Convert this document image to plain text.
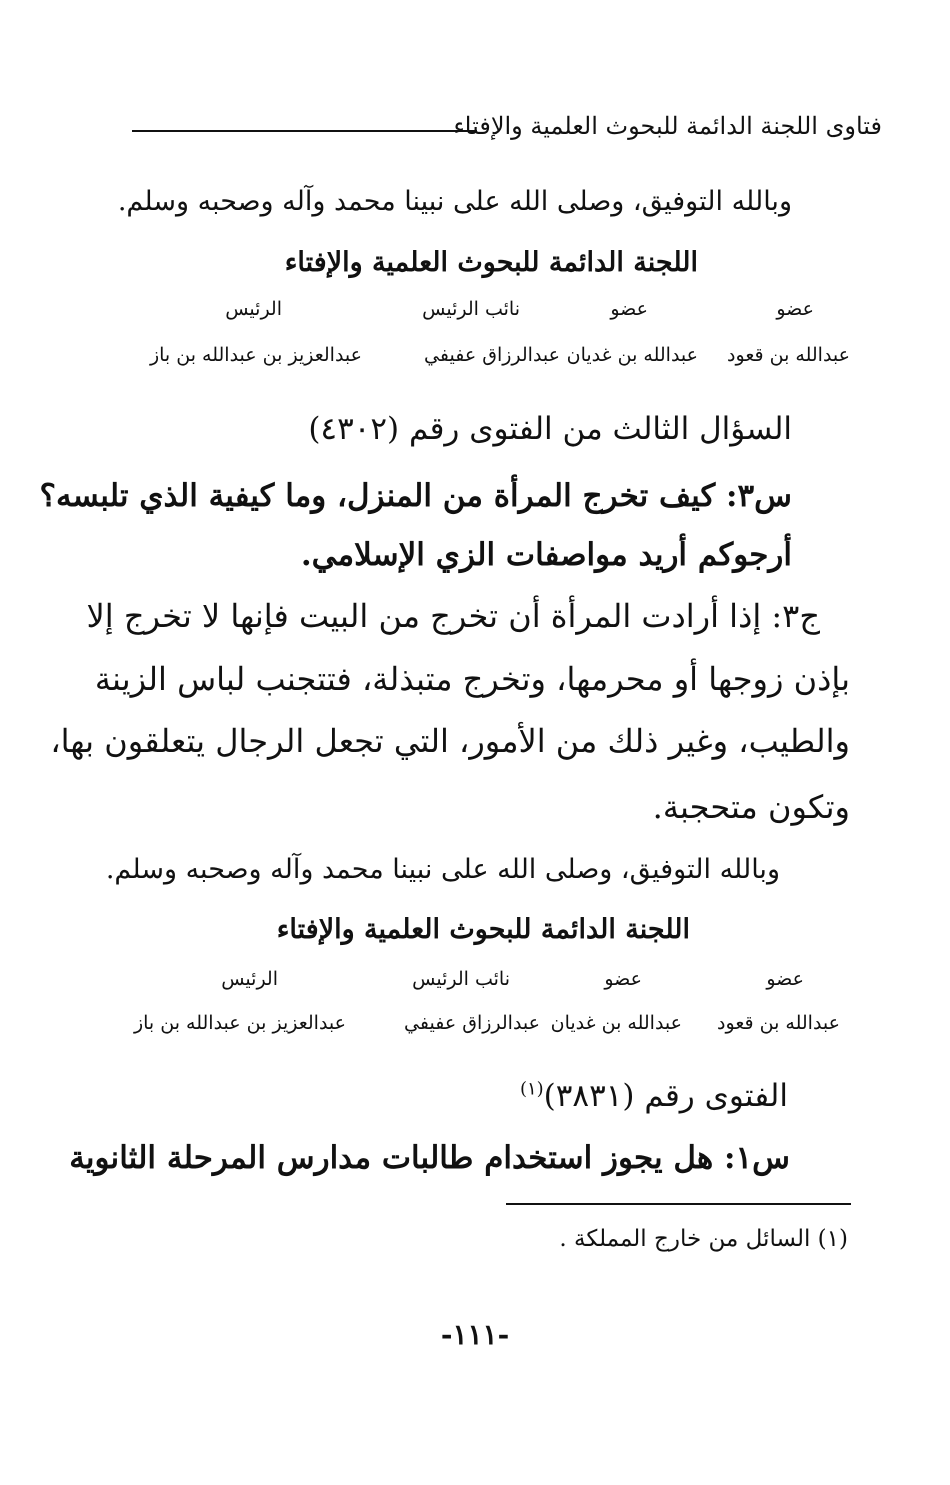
فتاوى اللجنة الدائمة للبحوث العلمية والإفتاء
وبالله التوفيق، وصلى الله على نبينا محمد وآله وصحبه وسلم.
اللجنة الدائمة للبحوث العلمية والإفتاء
عضو
عضو
نائب الرئيس
الرئيس
عبدالله بن قعود
عبدالله بن غديان
عبدالرزاق عفيفي
عبدالعزيز بن عبدالله بن باز
السؤال الثالث من الفتوى رقم (٤٣٠٢)
س٣: كيف تخرج المرأة من المنزل، وما كيفية الذي تلبسه؟
أرجوكم أريد مواصفات الزي الإسلامي.
ج٣: إذا أرادت المرأة أن تخرج من البيت فإنها لا تخرج إلا
بإذن زوجها أو محرمها، وتخرج متبذلة، فتتجنب لباس الزينة
والطيب، وغير ذلك من الأمور، التي تجعل الرجال يتعلقون بها،
وتكون متحجبة.
وبالله التوفيق، وصلى الله على نبينا محمد وآله وصحبه وسلم.
اللجنة الدائمة للبحوث العلمية والإفتاء
عضو
عضو
نائب الرئيس
الرئيس
عبدالله بن قعود
عبدالله بن غديان
عبدالرزاق عفيفي
عبدالعزيز بن عبدالله بن باز
الفتوى رقم (٣٨٣١)$^{(١)}$
س١: هل يجوز استخدام طالبات مدارس المرحلة الثانوية
(١) السائل من خارج المملكة .
-١١١-
